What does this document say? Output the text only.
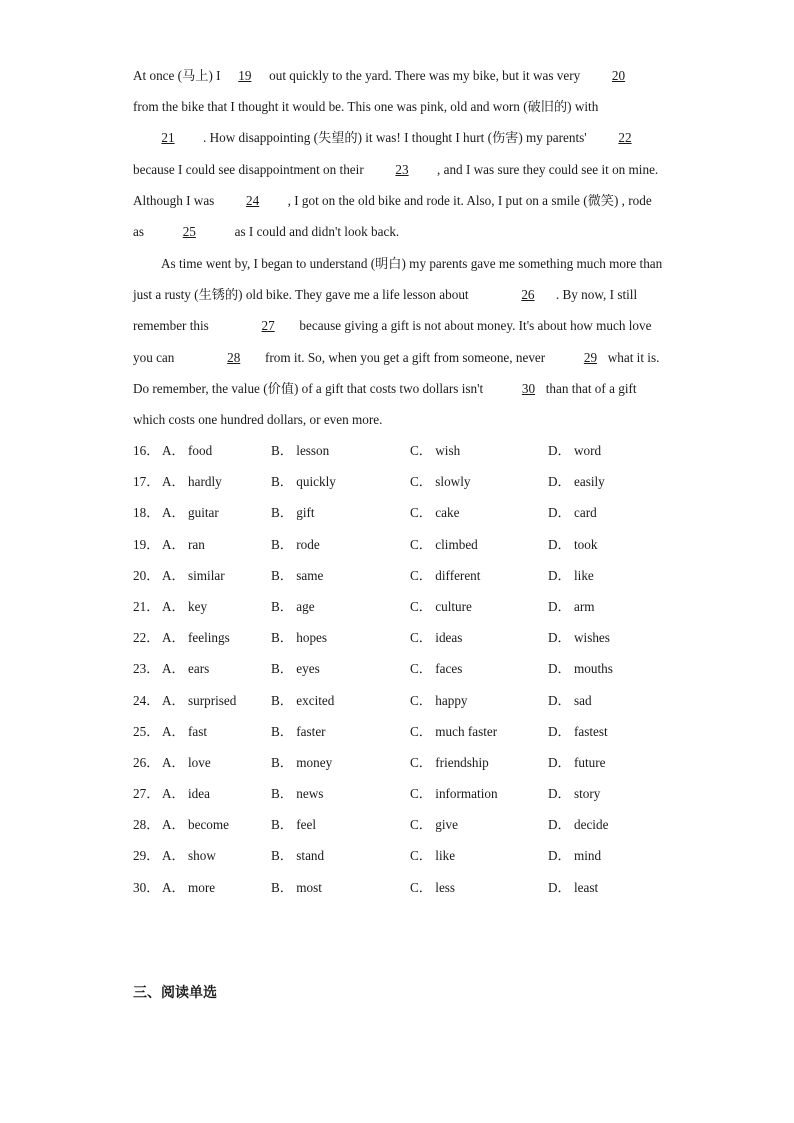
At once (马上) I 19 out quickly to the yard. There was my bike, but it was very 20 from the bike that I thought it would be. This one was pink, old and worn (破旧的) with 21 . How disappointing (失望的) it was! I thought I hurt (伤害) my parents' 22 because I could see disappointment on their 23 , and I was sure they could see it on mine. Although I was 24 , I got on the old bike and rode it. Also, I put on a smile (微笑) , rode as	25	as I could and didn't look back.

As time went by, I began to understand (明白) my parents gave me something much more than just a rusty (生锈的) old bike. They gave me a life lesson about	26 . By now, I still remember this	27 because giving a gift is not about money. It's about how much love you can	28 from it. So, when you get a gift from someone, never	29 what it is. Do remember, the value (价值) of a gift that costs two dollars isn't	30 than that of a gift which costs one hundred dollars, or even more.

16． A． food	B． lesson	C． wish	D． word
17． A． hardly	B． quickly	C． slowly	D． easily
18． A． guitar	B． gift	C． cake	D． card
19． A． ran	B． rode	C． climbed	D． took
20． A． similar	B． same	C． different	D． like
21． A． key	B． age	C． culture	D． arm
22． A． feelings	B． hopes	C． ideas	D． wishes
23． A． ears	B． eyes	C． faces	D． mouths
24． A． surprised	B． excited	C． happy	D． sad
25． A． fast	B． faster	C． much faster	D． fastest
26． A． love	B． money	C． friendship	D． future
27． A． idea	B． news	C． information	D． story
28． A． become	B． feel	C． give	D． decide
29． A． show	B． stand	C． like	D． mind
30． A． more	B． most	C． less	D． least
三、阅读单选
